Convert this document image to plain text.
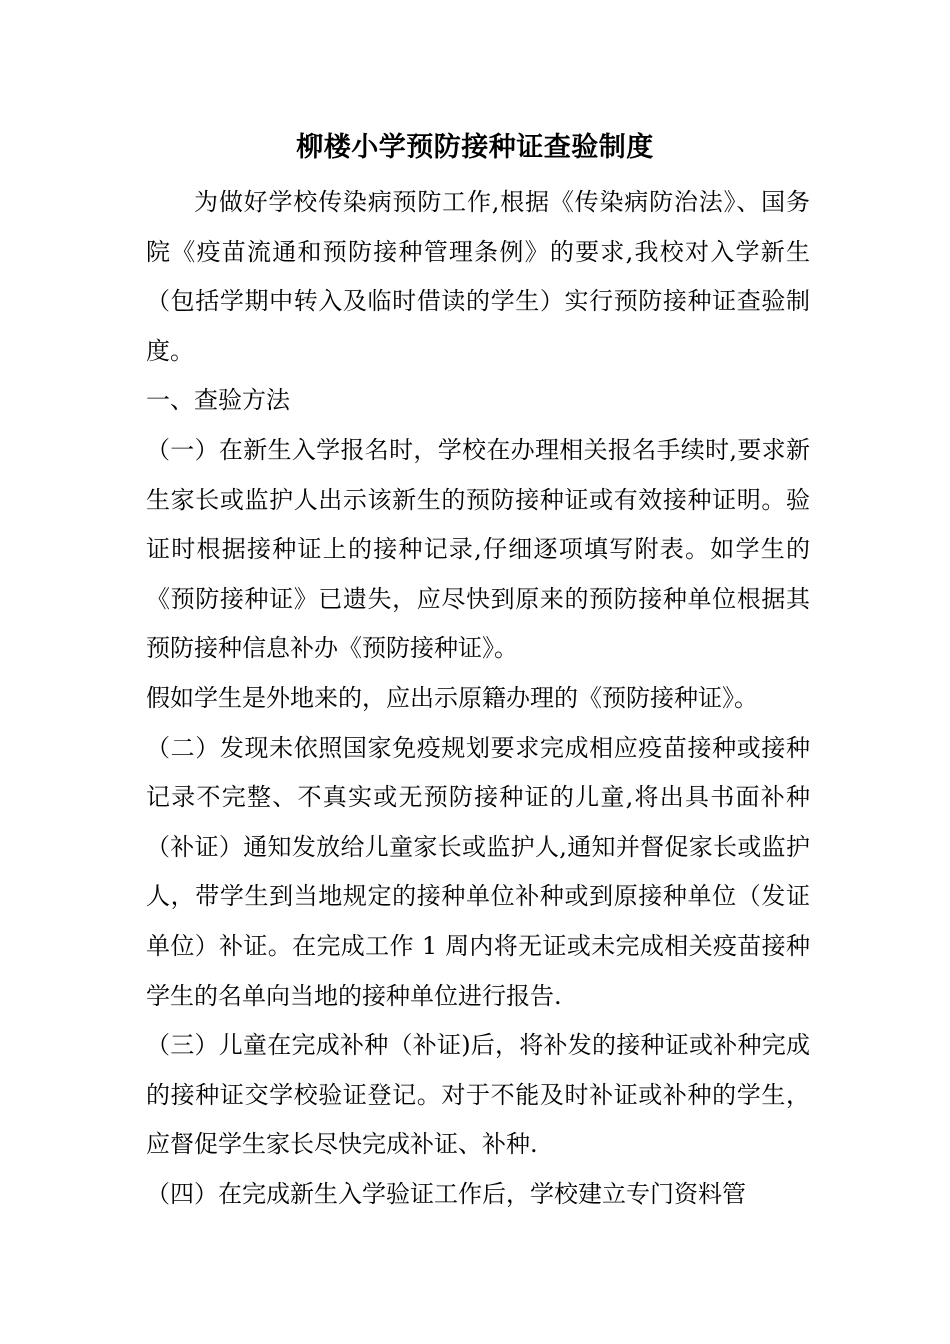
柳楼小学预防接种证查验制度

为做好学校传染病预防工作,根据《传染病防治法》、国务院《疫苗流通和预防接种管理条例》的要求,我校对入学新生（包括学期中转入及临时借读的学生）实行预防接种证查验制度。

一、查验方法

（一）在新生入学报名时，学校在办理相关报名手续时,要求新生家长或监护人出示该新生的预防接种证或有效接种证明。验证时根据接种证上的接种记录,仔细逐项填写附表。如学生的《预防接种证》已遗失，应尽快到原来的预防接种单位根据其预防接种信息补办《预防接种证》。

假如学生是外地来的，应出示原籍办理的《预防接种证》。

（二）发现未依照国家免疫规划要求完成相应疫苗接种或接种记录不完整、不真实或无预防接种证的儿童,将出具书面补种（补证）通知发放给儿童家长或监护人,通知并督促家长或监护人，带学生到当地规定的接种单位补种或到原接种单位（发证单位）补证。在完成工作 1 周内将无证或未完成相关疫苗接种学生的名单向当地的接种单位进行报告.

（三）儿童在完成补种（补证)后，将补发的接种证或补种完成的接种证交学校验证登记。对于不能及时补证或补种的学生，应督促学生家长尽快完成补证、补种.

（四）在完成新生入学验证工作后，学校建立专门资料管
